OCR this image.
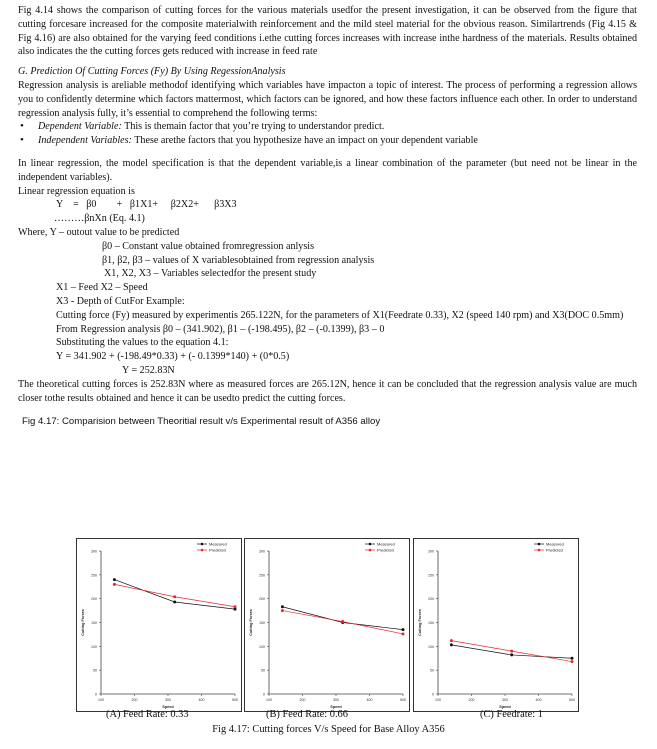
Fig 4.14 shows the comparison of cutting forces for the various materials usedfor the present investigation, it can be observed from the figure that cutting forcesare increased for the composite materialwith reinforcement and the mild steel material for the obvious reason. Similartrends (Fig 4.15 & Fig 4.16) are also obtained for the varying feed conditions i.ethe cutting forces increases with increase inthe hardness of the materials. Results obtained also indicates the the cutting forces gets reduced with increase in feed rate

G. Prediction Of Cutting Forces (Fy) By Using RegessionAnalysis

Regression analysis is areliable methodof identifying which variables have impacton a topic of interest. The process of performing a regression allows you to confidently determine which factors mattermost, which factors can be ignored, and how these factors influence each other. In order to understand regression analysis fully, it’s essential to comprehend the following terms:

• Dependent Variable: This is themain factor that you’re trying to understandor predict.

• Independent Variables: These arethe factors that you hypothesize have an impact on your dependent variable

In linear regression, the model specification is that the dependent variable,is a linear combination of the parameter (but need not be linear in the independent variables).

Linear regression equation is

Y    =   β0        +   β1X1+     β2X2+      β3X3

………βnXn (Eq. 4.1)

Where, Y – outout value to be predicted

β0 – Constant value obtained fromregression anlysis

β1, β2, β3 – values of X variablesobtained from regression analysis

X1, X2, X3 – Variables selectedfor the present study

X1 – Feed X2 – Speed

X3 - Depth of CutFor Example:

Cutting force (Fy) measured by experimentis 265.122N, for the parameters of X1(Feedrate 0.33), X2 (speed 140 rpm) and X3(DOC 0.5mm)

From Regression analysis β0 – (341.902), β1 – (-198.495), β2 – (-0.1399), β3 – 0

Substituting the values to the equation 4.1:

Y = 341.902 + (-198.49*0.33) + (- 0.1399*140) + (0*0.5)

Y = 252.83N

The theoretical cutting forces is 252.83N where as measured forces are 265.12N, hence it can be concluded that the regression analysis value are much closer tothe results obtained and hence it can be usedto predict the cutting forces.

Fig 4.17: Comparision between Theoritial result v/s Experimental result of A356 alloy

0
50
100
150
200
250
300
100	200	300	400	500
Speed
Cutting Forces
Measured
Predicted
0
50
100
150
200
250
300
100	200	300	400	500
Speed
Cutting Forces
Measured
Predicted
0
50
100
150
200
250
300
100	200	300	400	500
Speed
Cutting Forces
Measured
Predicted
(A) Feed Rate: 0.33	(B) Feed Rate: 0.66	(C) Feedrate: 1
Fig 4.17: Cutting forces V/s Speed for Base Alloy A356
